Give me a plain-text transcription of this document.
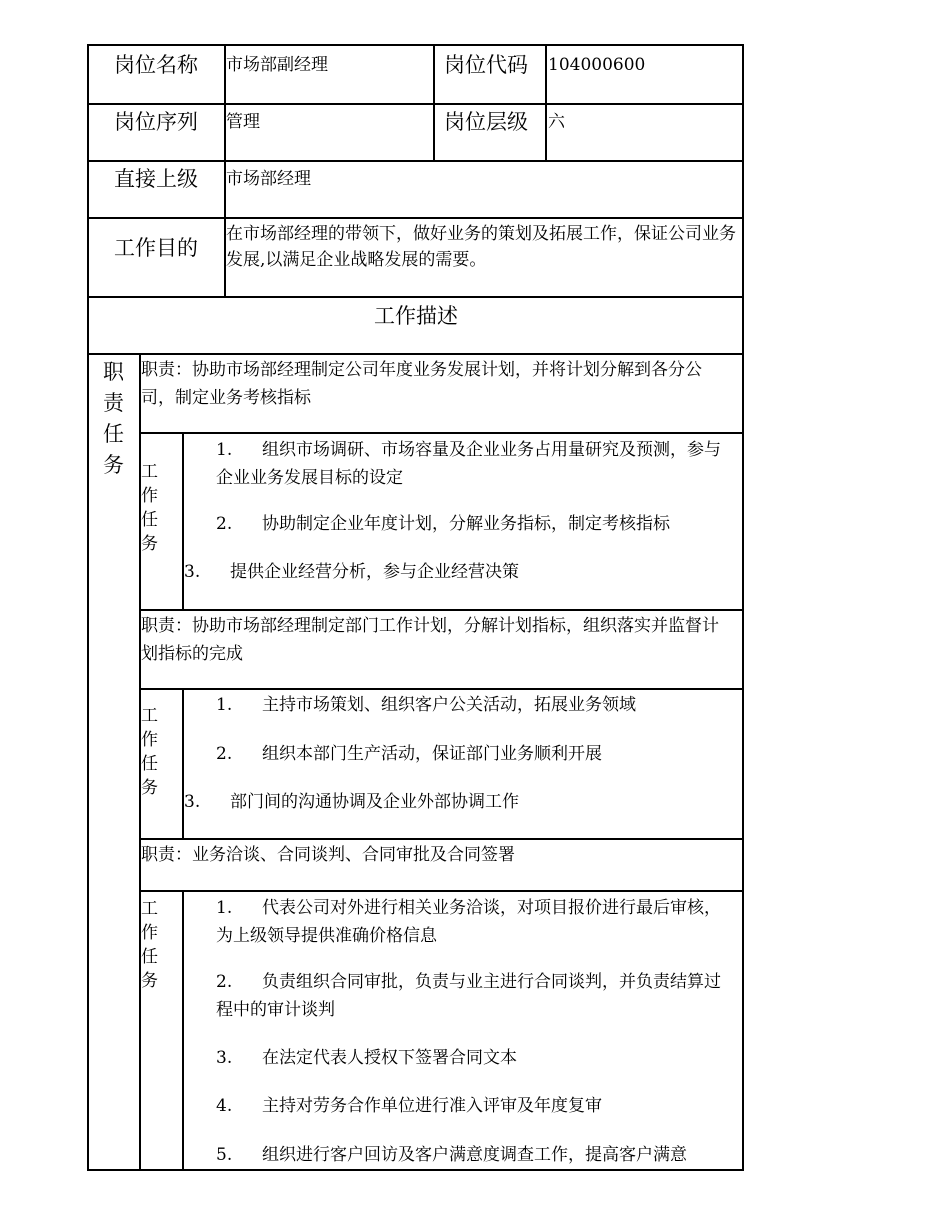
岗位名称 市场部副经理	岗位代码 104000600
岗位序列 管理	岗位层级 六
直接上级 市场部经理
工作目的
在市场部经理的带领下，做好业务的策划及拓展工作，保证公司业务发展,以满足企业战略发展的需要。
工作描述
职责任务
职责：协助市场部经理制定公司年度业务发展计划，并将计划分解到各分公司，制定业务考核指标
工作任务
1. 组织市场调研、市场容量及企业业务占用量研究及预测，参与企业业务发展目标的设定
2. 协助制定企业年度计划，分解业务指标，制定考核指标
3. 提供企业经营分析，参与企业经营决策
职责：协助市场部经理制定部门工作计划，分解计划指标，组织落实并监督计划指标的完成
工作任务
1. 主持市场策划、组织客户公关活动，拓展业务领域
2. 组织本部门生产活动，保证部门业务顺利开展
3. 部门间的沟通协调及企业外部协调工作
职责：业务洽谈、合同谈判、合同审批及合同签署
工作任务
1. 代表公司对外进行相关业务洽谈，对项目报价进行最后审核，为上级领导提供准确价格信息
2. 负责组织合同审批，负责与业主进行合同谈判，并负责结算过程中的审计谈判
3. 在法定代表人授权下签署合同文本
4. 主持对劳务合作单位进行准入评审及年度复审
5. 组织进行客户回访及客户满意度调查工作，提高客户满意
